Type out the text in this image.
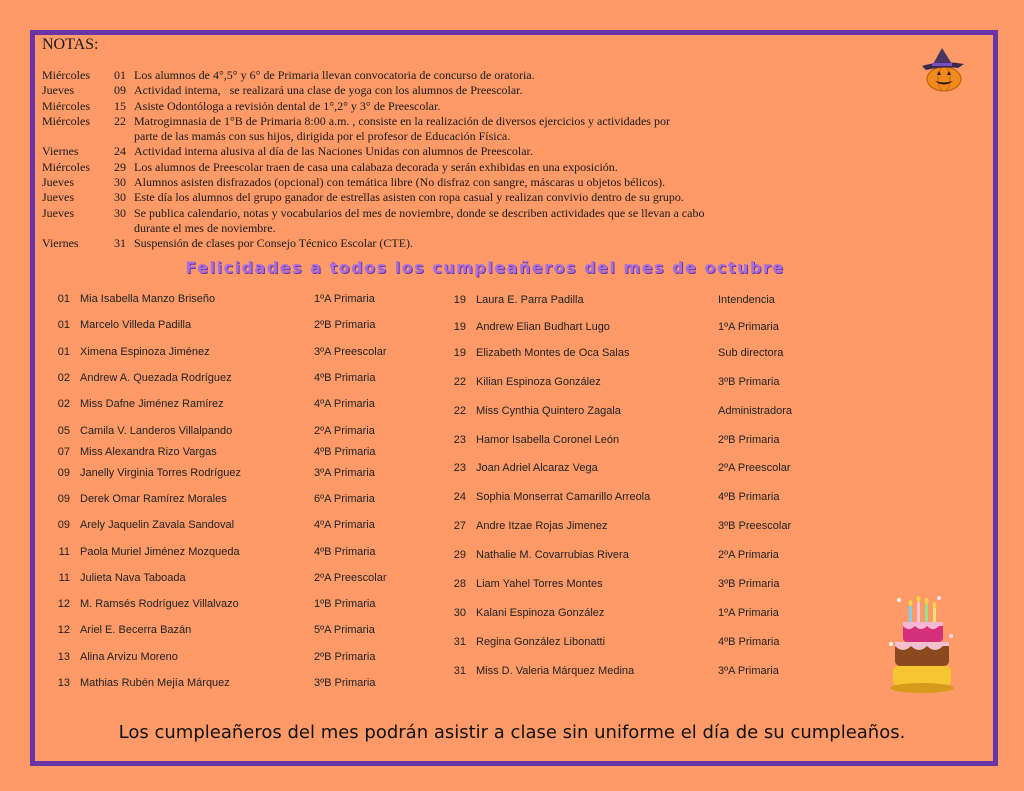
NOTAS:
Miércoles	01 Los alumnos de 4°,5° y 6° de Primaria llevan convocatoria de concurso de oratoria.
Jueves	09 Actividad interna,   se realizará una clase de yoga con los alumnos de Preescolar.
Miércoles	15 Asiste Odontóloga a revisión dental de 1°,2° y 3° de Preescolar.
Miércoles	22 Matrogimnasia de 1°B de Primaria 8:00 a.m. , consiste en la realización de diversos ejercicios y actividades por
parte de las mamás con sus hijos, dirigida por el profesor de Educación Física.
Viernes	24 Actividad interna alusiva al día de las Naciones Unidas con alumnos de Preescolar.
Miércoles	29 Los alumnos de Preescolar traen de casa una calabaza decorada y serán exhibidas en una exposición.
Jueves	30 Alumnos asisten disfrazados (opcional) con temática libre (No disfraz con sangre, máscaras u objetos bélicos).
Jueves	30 Este día los alumnos del grupo ganador de estrellas asisten con ropa casual y realizan convivio dentro de su grupo.
Jueves	30 Se publica calendario, notas y vocabularios del mes de noviembre, donde se describen actividades que se llevan a cabo
durante el mes de noviembre.
Viernes	31 Suspensión de clases por Consejo Técnico Escolar (CTE).
Felicidades a todos los cumpleañeros del mes de octubre
01 Mia Isabella Manzo Briseño	1ºA Primaria
01 Marcelo Villeda Padilla	2ºB Primaria
01 Ximena Espinoza Jiménez	3ºA Preescolar
02 Andrew A. Quezada Rodríguez	4ºB Primaria
02 Miss Dafne Jiménez Ramírez	4ºA Primaria
05 Camila V. Landeros Villalpando	2ºA Primaria
07 Miss Alexandra Rizo Vargas	4ºB Primaria
09 Janelly Virginia Torres Rodríguez	3ºA Primaria
09 Derek Omar Ramírez Morales	6ºA Primaria
09 Arely Jaquelin Zavala Sandoval	4ºA Primaria
11 Paola Muriel Jiménez Mozqueda	4ºB Primaria
11 Julieta Nava Taboada	2ºA Preescolar
12 M. Ramsés Rodríguez Villalvazo	1ºB Primaria
12 Ariel E. Becerra Bazán	5ºA Primaria
13 Alina Arvizu Moreno	2ºB Primaria
13 Mathias Rubén Mejía Márquez	3ºB Primaria
19 Laura E. Parra Padilla	Intendencia
19 Andrew Elian Budhart Lugo	1ºA Primaria
19 Elizabeth Montes de Oca Salas	Sub directora
22 Kilian Espinoza González	3ºB Primaria
22 Miss Cynthia Quintero Zagala	Administradora
23 Hamor Isabella Coronel León	2ºB Primaria
23 Joan Adriel Alcaraz Vega	2ºA Preescolar
24 Sophia Monserrat Camarillo Arreola	4ºB Primaria
27 Andre Itzae Rojas Jimenez	3ºB Preescolar
29 Nathalie M. Covarrubias Rivera	2ºA Primaria
28 Liam Yahel Torres Montes	3ºB Primaria
30 Kalani Espinoza González	1ºA Primaria
31 Regina González Libonatti	4ºB Primaria
31 Miss D. Valeria Márquez Medina	3ºA Primaria
Los cumpleañeros del mes podrán asistir a clase sin uniforme el día de su cumpleaños.
